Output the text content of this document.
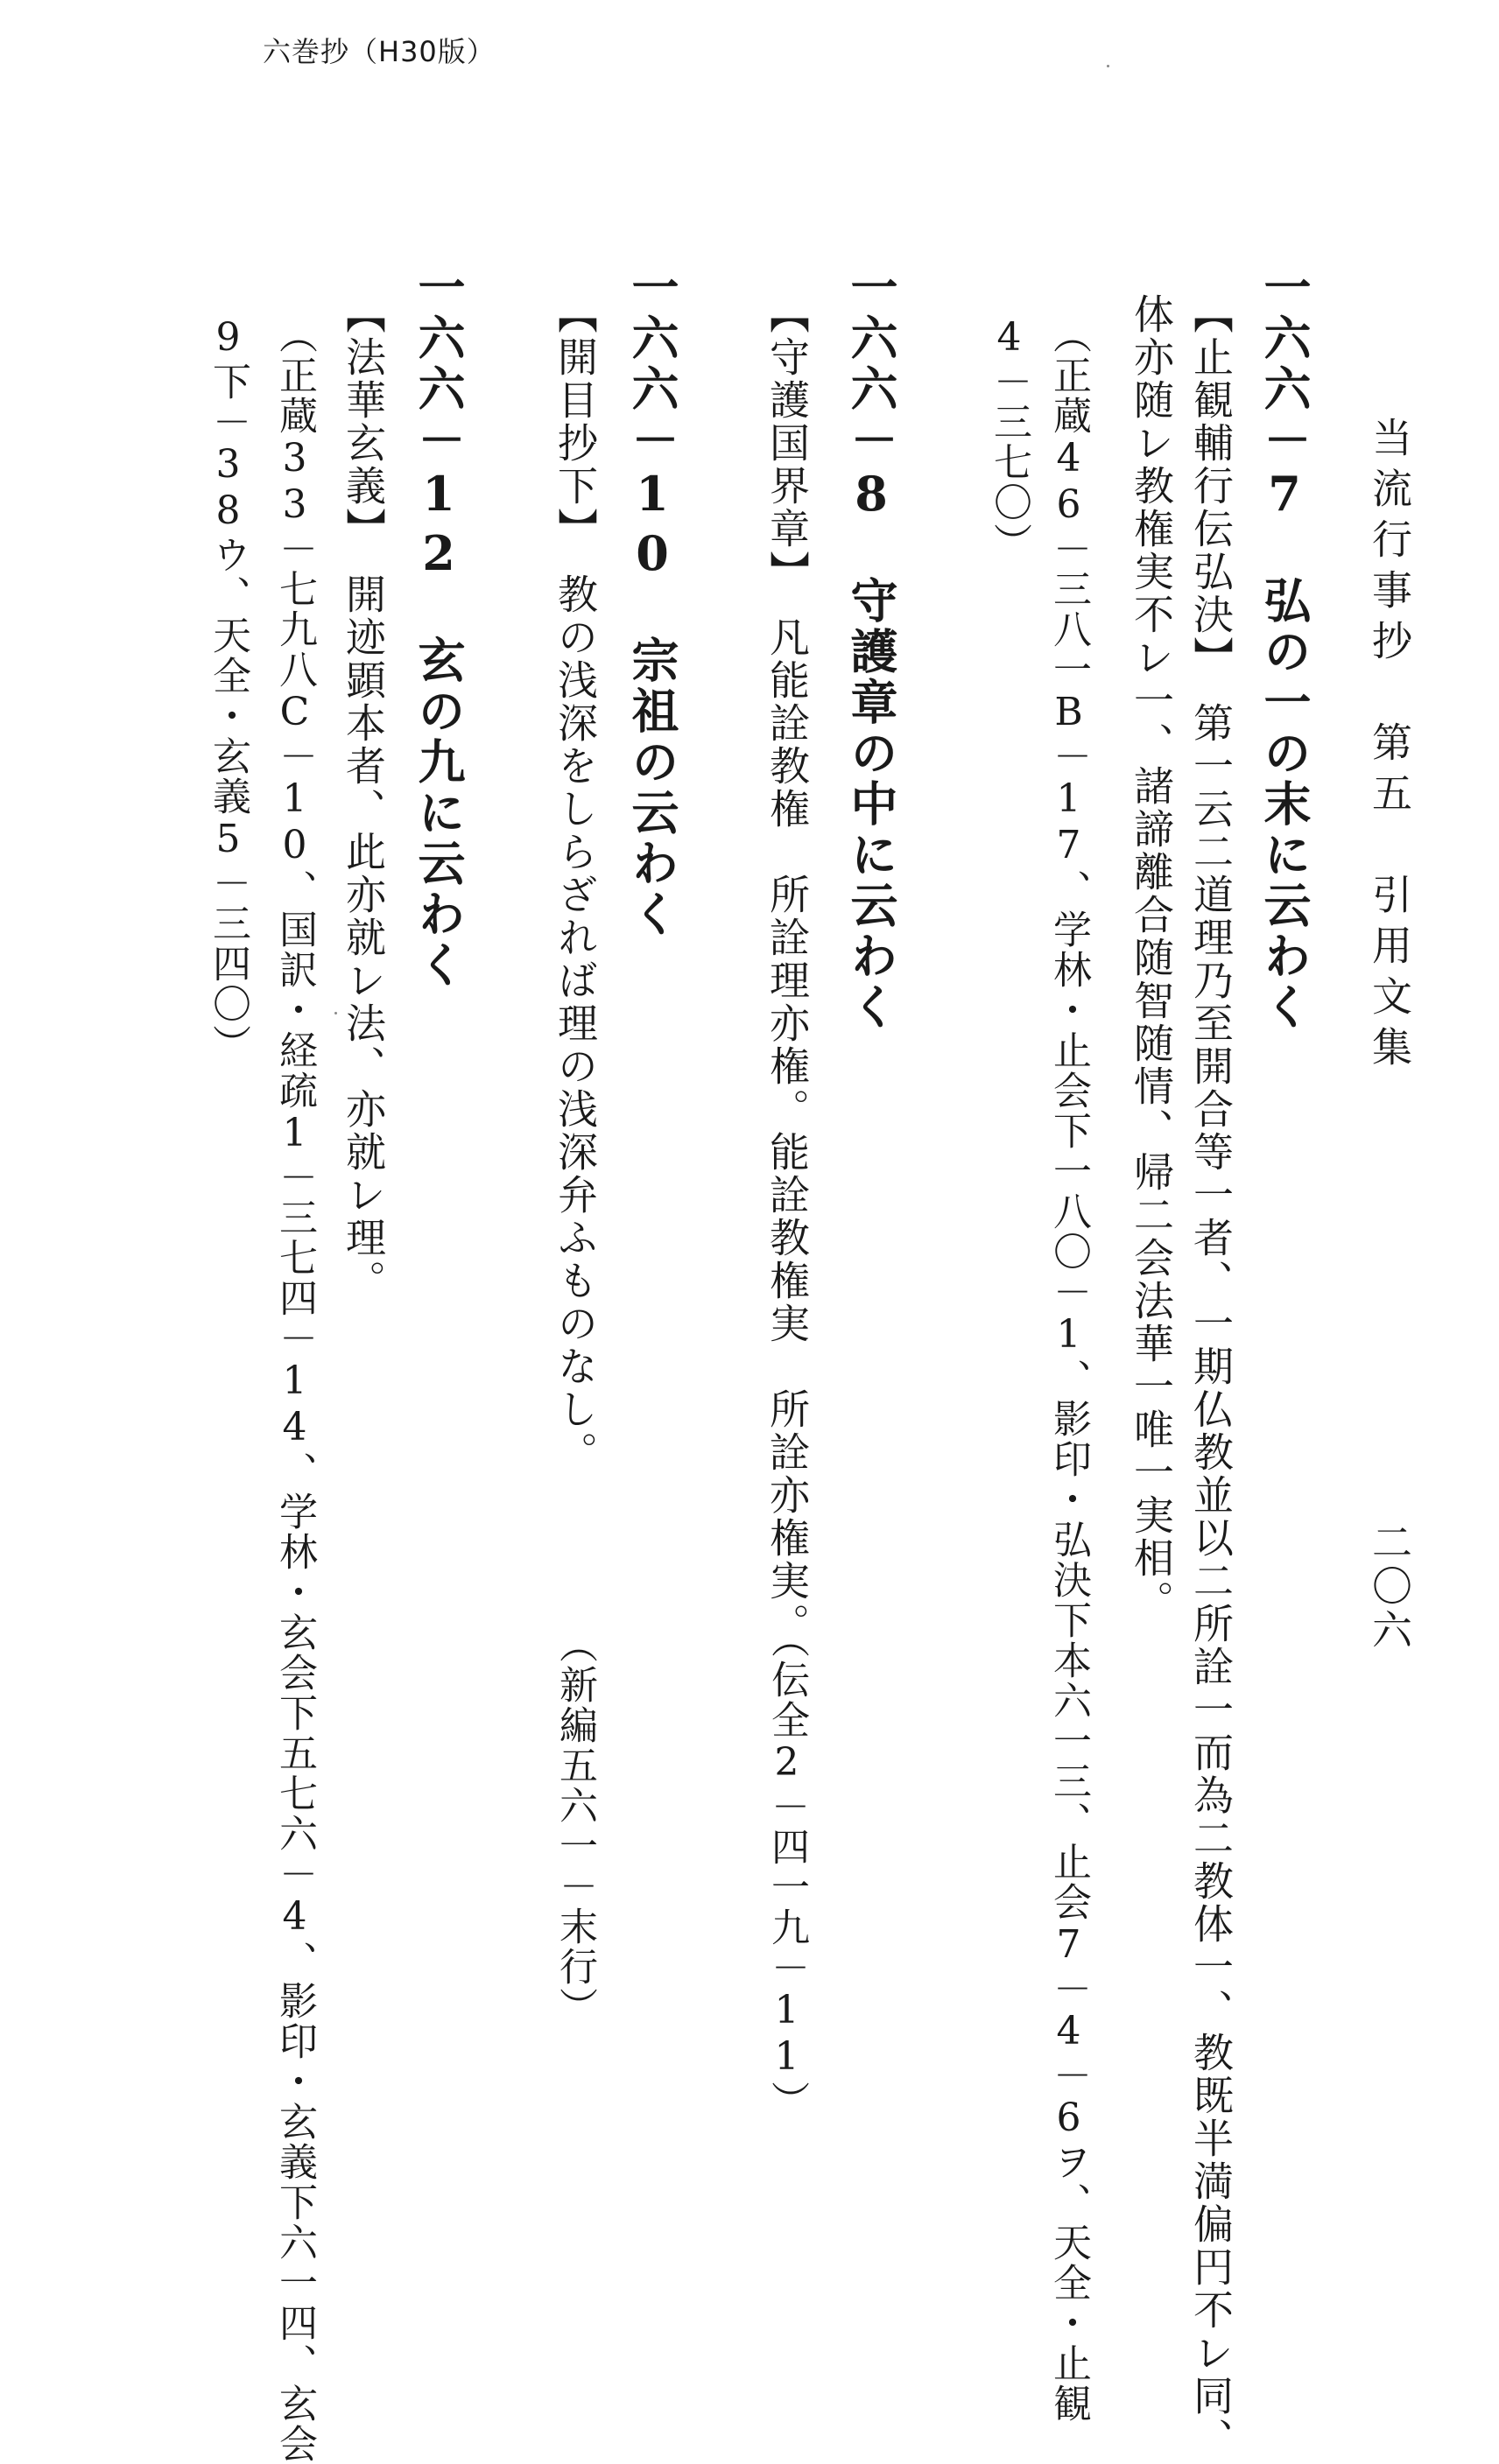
六巻抄（H30版）
当流行事抄　第五　引用文集
二〇六
一六六－7　弘の一の末に云わく
【止観輔行伝弘決】　第一云二道理乃至開合等一者、一期仏教並以二所詮一而為二教体一、教既半満偏円不レ同、
体亦随レ教権実不レ一、諸諦離合随智随情、帰二会法華一唯一実相。
（正蔵46－三八一B－17、学林・止会下一八〇－1、影印・弘決下本六一三、止会7－4－6ヲ、天全・止観
4－三七〇）
一六六－8　守護章の中に云わく
【守護国界章】　凡能詮教権　所詮理亦権。能詮教権実　所詮亦権実。
（伝全2－四一九－11）
一六六－10　宗祖の云わく
【開目抄下】　教の浅深をしらざれば理の浅深弁ふものなし。
（新編五六一－末行）
一六六－12　玄の九に云わく
【法華玄義】　開迹顕本者、此亦就レ法、亦就レ理。
（正蔵33－七九八C－10、国訳・経疏1－三七四－14、学林・玄会下五七六－4、影印・玄義下六一四、玄会
9下－38ウ、天全・玄義5－三四〇）
